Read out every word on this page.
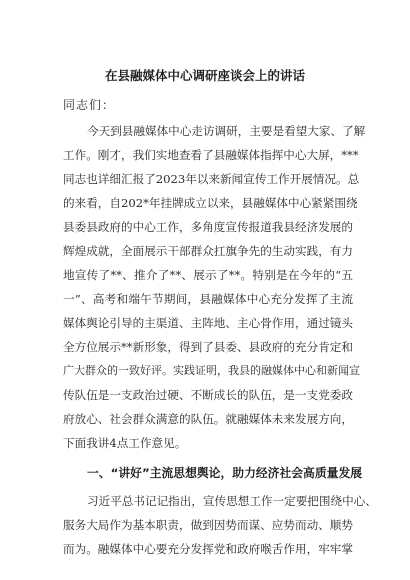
在县融媒体中心调研座谈会上的讲话
同志们：
今天到县融媒体中心走访调研，主要是看望大家、了解
工作。刚才，我们实地查看了县融媒体指挥中心大屏，***
同志也详细汇报了2023年以来新闻宣传工作开展情况。总
的来看，自202*年挂牌成立以来，县融媒体中心紧紧围绕
县委县政府的中心工作，多角度宣传报道我县经济发展的
辉煌成就，全面展示干部群众扛旗争先的生动实践，有力
地宣传了**、推介了**、展示了**。特别是在今年的“五
一”、高考和端午节期间，县融媒体中心充分发挥了主流
媒体舆论引导的主渠道、主阵地、主心骨作用，通过镜头
全方位展示**新形象，得到了县委、县政府的充分肯定和
广大群众的一致好评。实践证明，我县的融媒体中心和新闻宣
传队伍是一支政治过硬、不断成长的队伍，是一支党委政
府放心、社会群众满意的队伍。就融媒体未来发展方向，
下面我讲4点工作意见。
一、“讲好”主流思想舆论，助力经济社会高质量发展
习近平总书记记指出，宣传思想工作一定要把围绕中心、
服务大局作为基本职责，做到因势而谋、应势而动、顺势
而为。融媒体中心要充分发挥党和政府喉舌作用，牢牢掌
